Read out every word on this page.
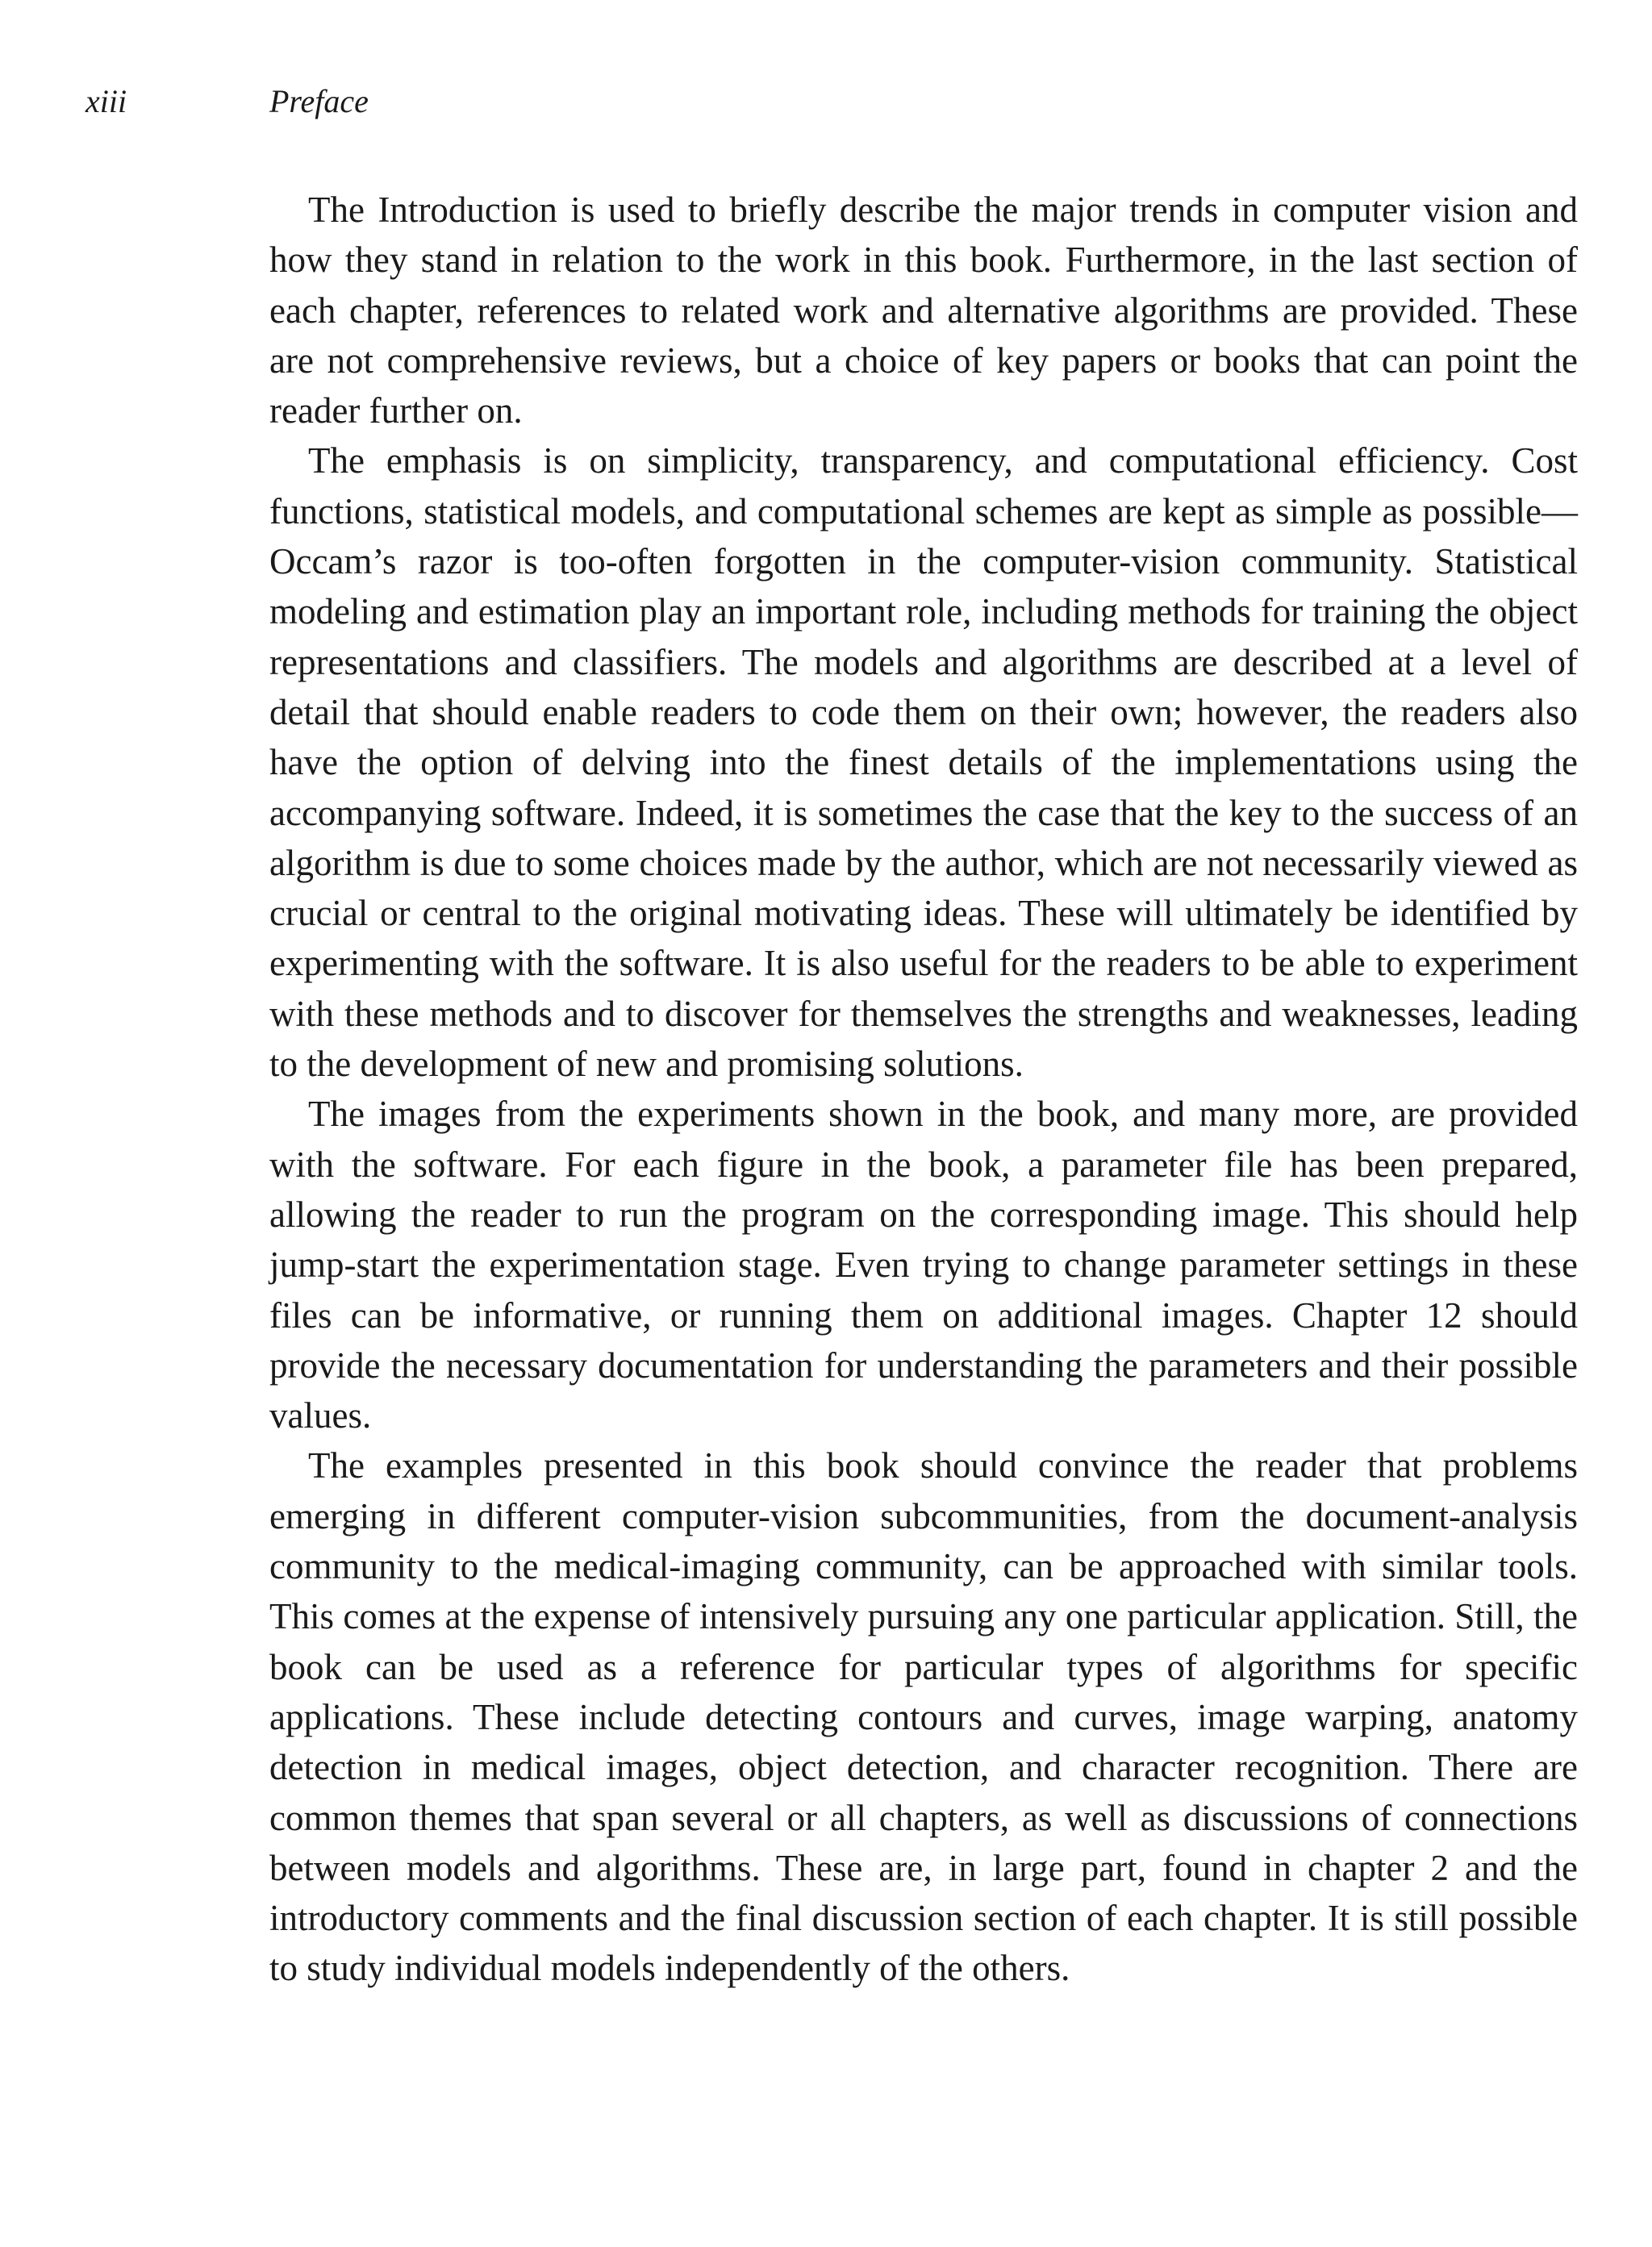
xiii	Preface

The Introduction is used to briefly describe the major trends in computer vision and how they stand in relation to the work in this book. Furthermore, in the last section of each chapter, references to related work and alternative algorithms are provided. These are not comprehensive reviews, but a choice of key papers or books that can point the reader further on.

The emphasis is on simplicity, transparency, and computational efficiency. Cost functions, statistical models, and computational schemes are kept as simple as possible—Occam’s razor is too-often forgotten in the computer-vision community. Statistical modeling and estimation play an important role, including methods for training the object representations and classifiers. The models and algorithms are described at a level of detail that should enable readers to code them on their own; however, the readers also have the option of delving into the finest details of the implementations using the accompanying software. Indeed, it is sometimes the case that the key to the success of an algorithm is due to some choices made by the author, which are not necessarily viewed as crucial or central to the original motivating ideas. These will ultimately be identified by experimenting with the software. It is also useful for the readers to be able to experiment with these methods and to discover for themselves the strengths and weaknesses, leading to the development of new and promising solutions.

The images from the experiments shown in the book, and many more, are provided with the software. For each figure in the book, a parameter file has been prepared, allowing the reader to run the program on the corresponding image. This should help jump-start the experimentation stage. Even trying to change parameter settings in these files can be informative, or running them on additional images. Chapter 12 should provide the necessary documentation for understanding the parameters and their possible values.

The examples presented in this book should convince the reader that problems emerging in different computer-vision subcommunities, from the document-analysis community to the medical-imaging community, can be approached with similar tools. This comes at the expense of intensively pursuing any one particular application. Still, the book can be used as a reference for particular types of algorithms for specific applications. These include detecting contours and curves, image warping, anatomy detection in medical images, object detection, and character recognition. There are common themes that span several or all chapters, as well as discussions of connections between models and algorithms. These are, in large part, found in chapter 2 and the introductory comments and the final discussion section of each chapter. It is still possible to study individual models independently of the others.
